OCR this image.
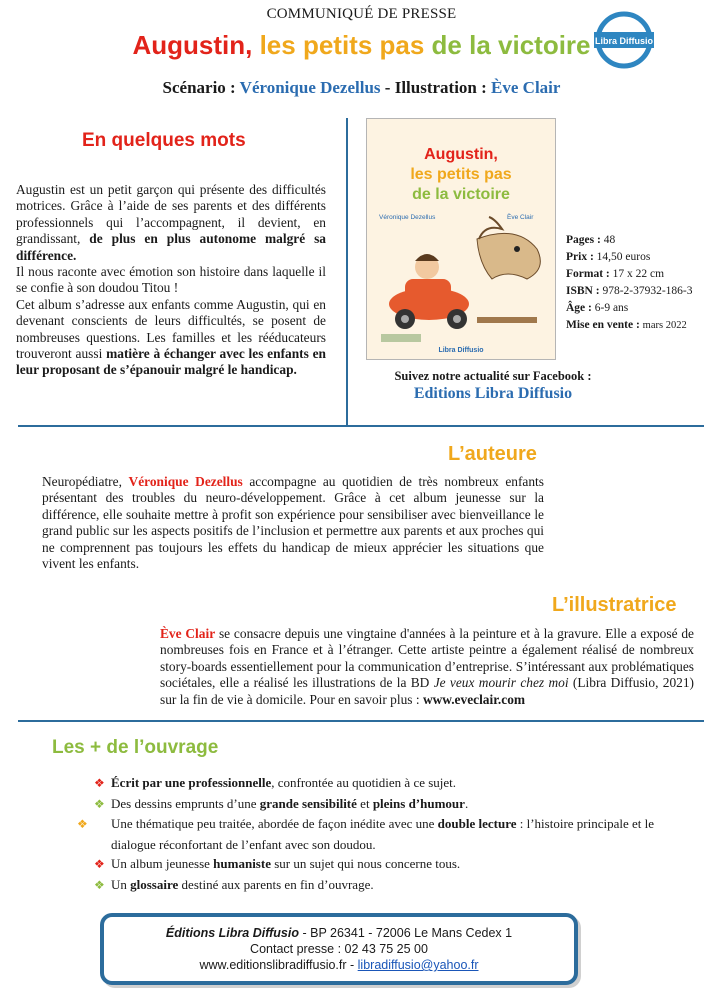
COMMUNIQUÉ DE PRESSE
Augustin, les petits pas de la victoire
Scénario : Véronique Dezellus - Illustration : Ève Clair
Libra Diffusio
En quelques mots

Augustin est un petit garçon qui présente des difficultés motrices. Grâce à l’aide de ses parents et des différents professionnels qui l’accompagnent, il devient, en grandissant, de plus en plus autonome malgré sa différence.

Il nous raconte avec émotion son histoire dans laquelle il se confie à son doudou Titou !

Cet album s’adresse aux enfants comme Augustin, qui en devenant conscients de leurs difficultés, se posent de nombreuses questions. Les familles et les rééducateurs trouveront aussi matière à échanger avec les enfants en leur proposant de s’épanouir malgré le handicap.

Augustin,
les petits pas
de la victoire
Véronique Dezellus	Ève Clair
Libra Diffusio
Pages : 48
Prix : 14,50 euros
Format : 17 x 22 cm
ISBN : 978-2-37932-186-3
Âge : 6-9 ans
Mise en vente : mars 2022
Suivez notre actualité sur Facebook :
Editions Libra Diffusio
L’auteure
Neuropédiatre, Véronique Dezellus accompagne au quotidien de très nombreux enfants présentant des troubles du neuro-développement. Grâce à cet album jeunesse sur la différence, elle souhaite mettre à profit son expérience pour sensibiliser avec bienveillance le grand public sur les aspects positifs de l’inclusion et permettre aux parents et aux proches qui ne comprennent pas toujours les effets du handicap de mieux apprécier les situations que vivent les enfants.
L’illustratrice
Ève Clair se consacre depuis une vingtaine d'années à la peinture et à la gravure. Elle a exposé de nombreuses fois en France et à l’étranger. Cette artiste peintre a également réalisé de nombreux story-boards essentiellement pour la communication d’entreprise. S’intéressant aux problématiques sociétales, elle a réalisé les illustrations de la BD Je veux mourir chez moi (Libra Diffusio, 2021) sur la fin de vie à domicile. Pour en savoir plus : www.eveclair.com
Les + de l’ouvrage
❖ Écrit par une professionnelle, confrontée au quotidien à ce sujet.
❖ Des dessins emprunts d’une grande sensibilité et pleins d’humour.
❖ Une thématique peu traitée, abordée de façon inédite avec une double lecture : l’histoire principale et le dialogue réconfortant de l’enfant avec son doudou.
❖ Un album jeunesse humaniste sur un sujet qui nous concerne tous.
❖ Un glossaire destiné aux parents en fin d’ouvrage.
Éditions Libra Diffusio - BP 26341 - 72006 Le Mans Cedex 1
Contact presse : 02 43 75 25 00
www.editionslibradiffusio.fr - libradiffusio@yahoo.fr
